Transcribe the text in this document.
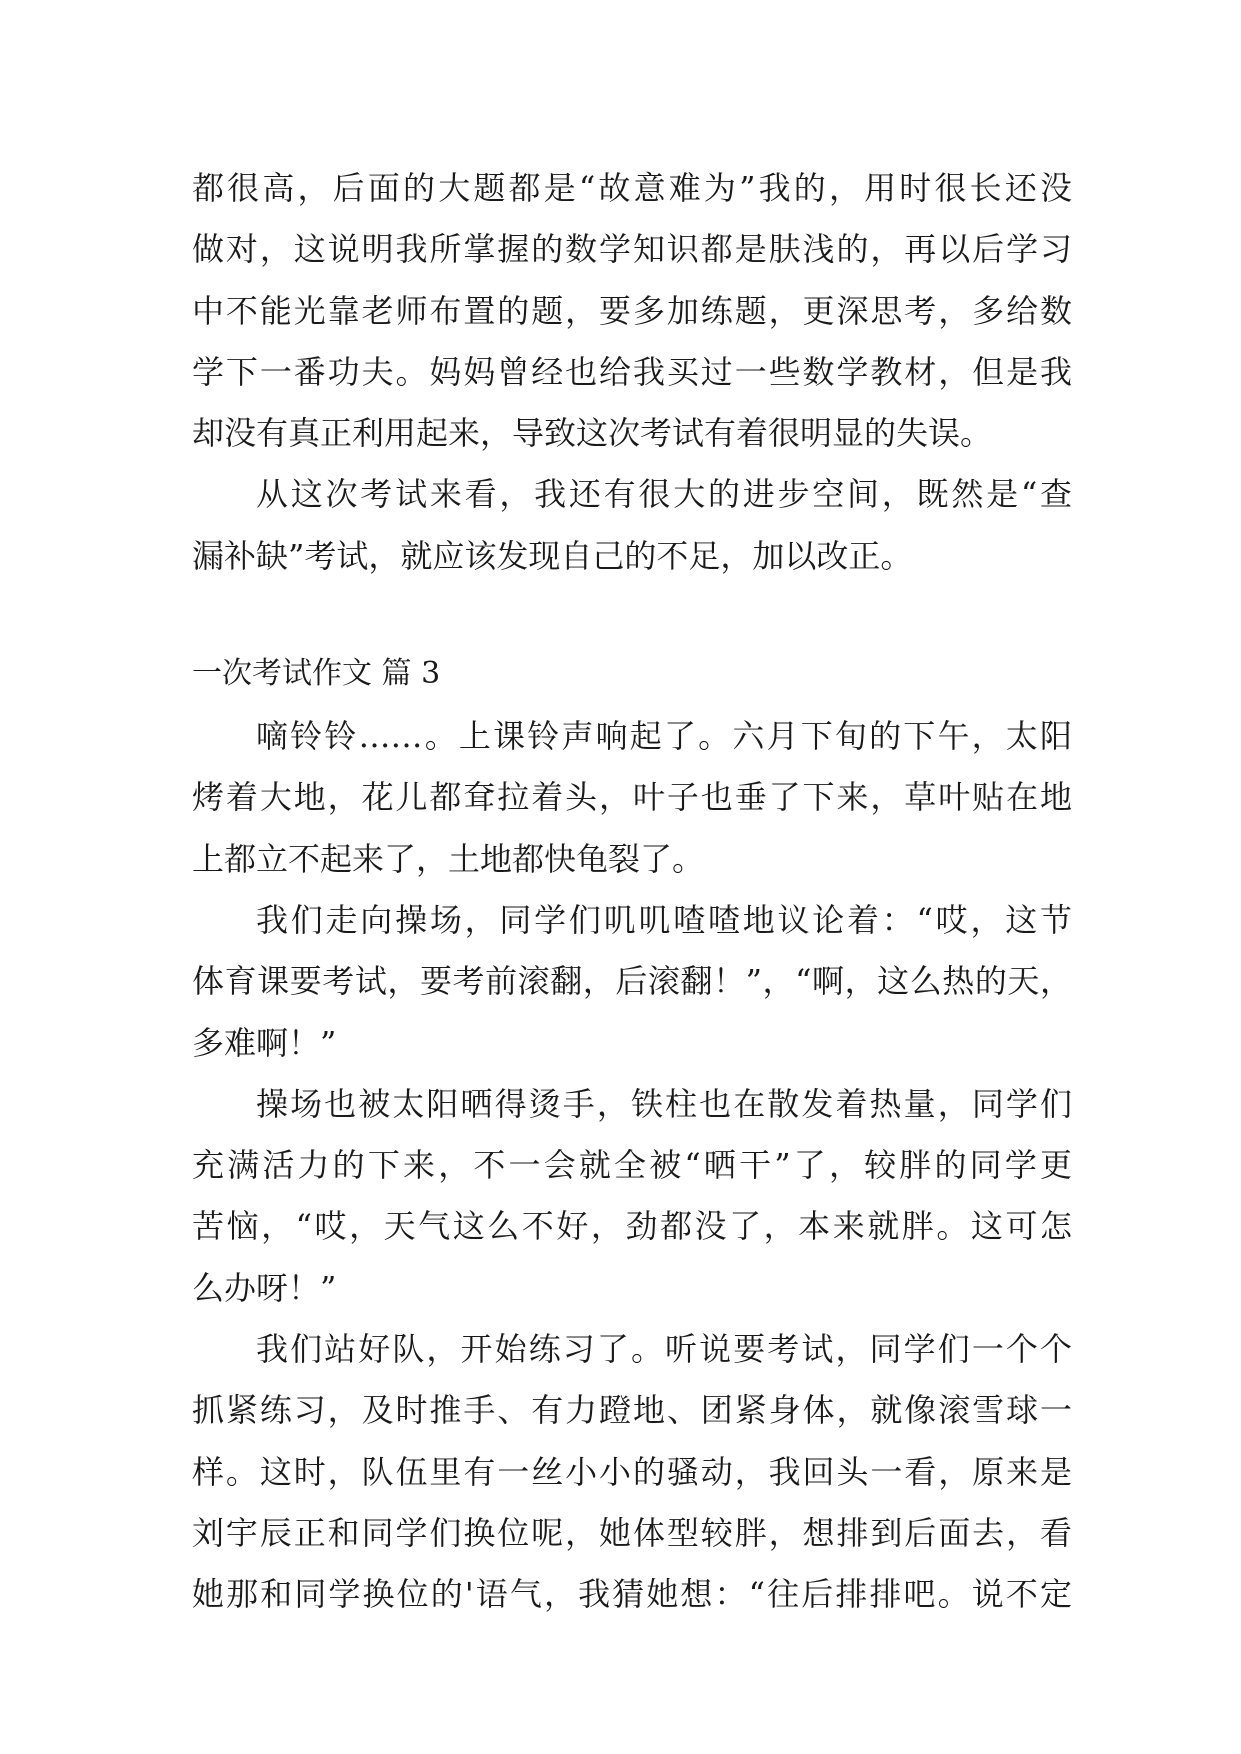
都很高，后面的大题都是“故意难为”我的，用时很长还没
做对，这说明我所掌握的数学知识都是肤浅的，再以后学习
中不能光靠老师布置的题，要多加练题，更深思考，多给数
学下一番功夫。妈妈曾经也给我买过一些数学教材，但是我
却没有真正利用起来，导致这次考试有着很明显的失误。
从这次考试来看，我还有很大的进步空间，既然是“查
漏补缺”考试，就应该发现自己的不足，加以改正。
一次考试作文 篇 3
嘀铃铃……。上课铃声响起了。六月下旬的下午，太阳
烤着大地，花儿都耷拉着头，叶子也垂了下来，草叶贴在地
上都立不起来了，土地都快龟裂了。
我们走向操场，同学们叽叽喳喳地议论着：“哎，这节
体育课要考试，要考前滚翻，后滚翻！”，“啊，这么热的天，
多难啊！”
操场也被太阳晒得烫手，铁柱也在散发着热量，同学们
充满活力的下来，不一会就全被“晒干”了，较胖的同学更
苦恼，“哎，天气这么不好，劲都没了，本来就胖。这可怎
么办呀！”
我们站好队，开始练习了。听说要考试，同学们一个个
抓紧练习，及时推手、有力蹬地、团紧身体，就像滚雪球一
样。这时，队伍里有一丝小小的骚动，我回头一看，原来是
刘宇辰正和同学们换位呢，她体型较胖，想排到后面去，看
她那和同学换位的'语气，我猜她想：“往后排排吧。说不定
